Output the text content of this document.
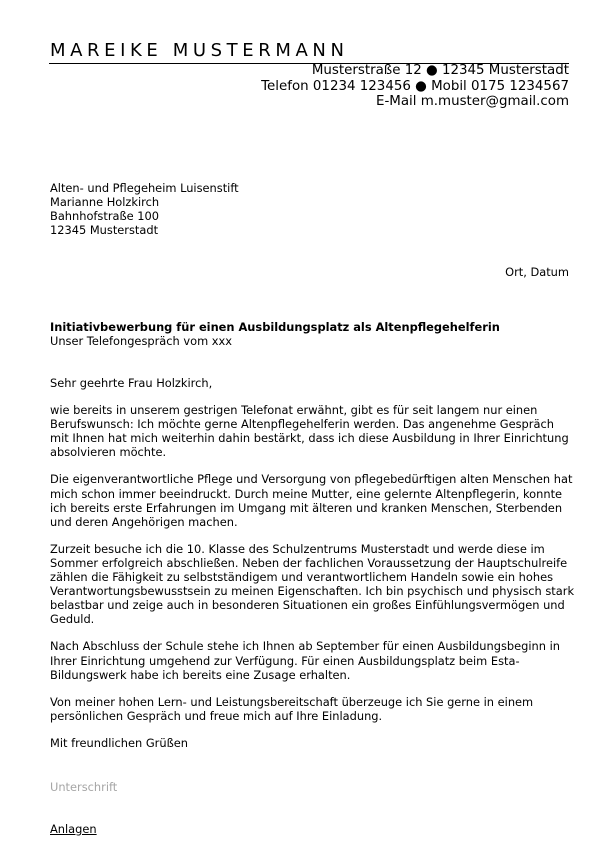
MAREIKE MUSTERMANN
Musterstraße 12 ● 12345 Musterstadt
Telefon 01234 123456 ● Mobil 0175 1234567
E-Mail m.muster@gmail.com
Alten- und Pflegeheim Luisenstift
Marianne Holzkirch
Bahnhofstraße 100
12345 Musterstadt
Ort, Datum
Initiativbewerbung für einen Ausbildungsplatz als Altenpflegehelferin
Unser Telefongespräch vom xxx

Sehr geehrte Frau Holzkirch,

wie bereits in unserem gestrigen Telefonat erwähnt, gibt es für seit langem nur einen Berufswunsch: Ich möchte gerne Altenpflegehelferin werden. Das angenehme Gespräch mit Ihnen hat mich weiterhin dahin bestärkt, dass ich diese Ausbildung in Ihrer Einrichtung absolvieren möchte.

Die eigenverantwortliche Pflege und Versorgung von pflegebedürftigen alten Menschen hat mich schon immer beeindruckt. Durch meine Mutter, eine gelernte Altenpflegerin, konnte ich bereits erste Erfahrungen im Umgang mit älteren und kranken Menschen, Sterbenden und deren Angehörigen machen.

Zurzeit besuche ich die 10. Klasse des Schulzentrums Musterstadt und werde diese im Sommer erfolgreich abschließen. Neben der fachlichen Voraussetzung der Hauptschulreife zählen die Fähigkeit zu selbstständigem und verantwortlichem Handeln sowie ein hohes Verantwortungsbewusstsein zu meinen Eigenschaften. Ich bin psychisch und physisch stark belastbar und zeige auch in besonderen Situationen ein großes Einfühlungsvermögen und Geduld.

Nach Abschluss der Schule stehe ich Ihnen ab September für einen Ausbildungsbeginn in Ihrer Einrichtung umgehend zur Verfügung. Für einen Ausbildungsplatz beim Esta-Bildungswerk habe ich bereits eine Zusage erhalten.

Von meiner hohen Lern- und Leistungsbereitschaft überzeuge ich Sie gerne in einem persönlichen Gespräch und freue mich auf Ihre Einladung.

Mit freundlichen Grüßen

Unterschrift
Anlagen
